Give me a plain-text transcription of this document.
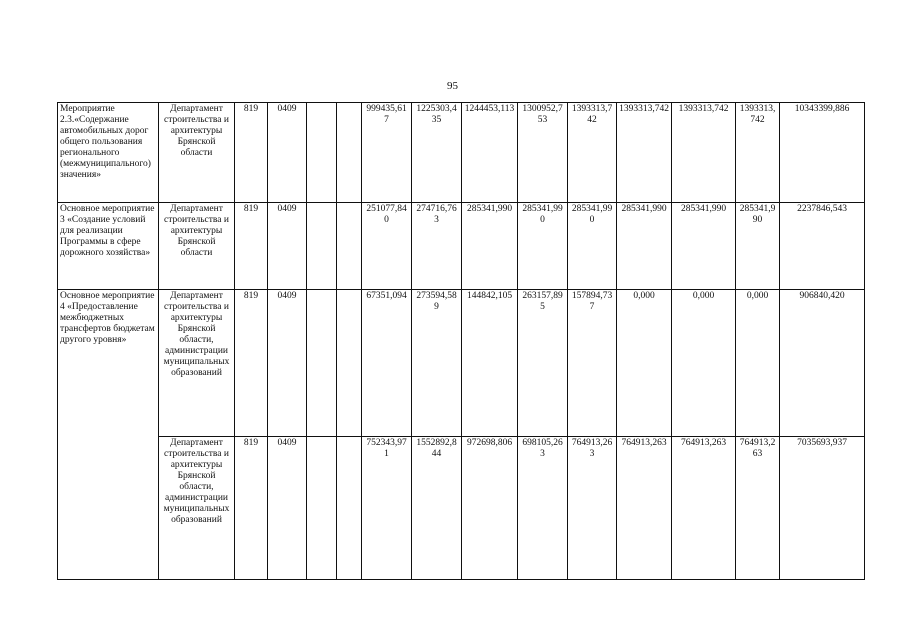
95
Мероприятие 2.3.«Содержание автомобильных дорог общего пользования регионального (межмуниципального) значения»	Департамент строительства и архитектуры Брянской области	819	0409			999435,617	1225303,435	1244453,113	1300952,753	1393313,742	1393313,742	1393313,742	1393313,742	10343399,886
Основное мероприятие 3 «Создание условий для реализации Программы в сфере дорожного хозяйства»	Департамент строительства и архитектуры Брянской области	819	0409			251077,840	274716,763	285341,990	285341,990	285341,990	285341,990	285341,990	285341,990	2237846,543
Основное мероприятие 4 «Предоставление межбюджетных трансфертов бюджетам другого уровня»	Департамент строительства и архитектуры Брянской области, администрации муниципальных образований	819	0409			67351,094	273594,589	144842,105	263157,895	157894,737	0,000	0,000	0,000	906840,420
	Департамент строительства и архитектуры Брянской области, администрации муниципальных образований	819	0409			752343,971	1552892,844	972698,806	698105,263	764913,263	764913,263	764913,263	764913,263	7035693,937
